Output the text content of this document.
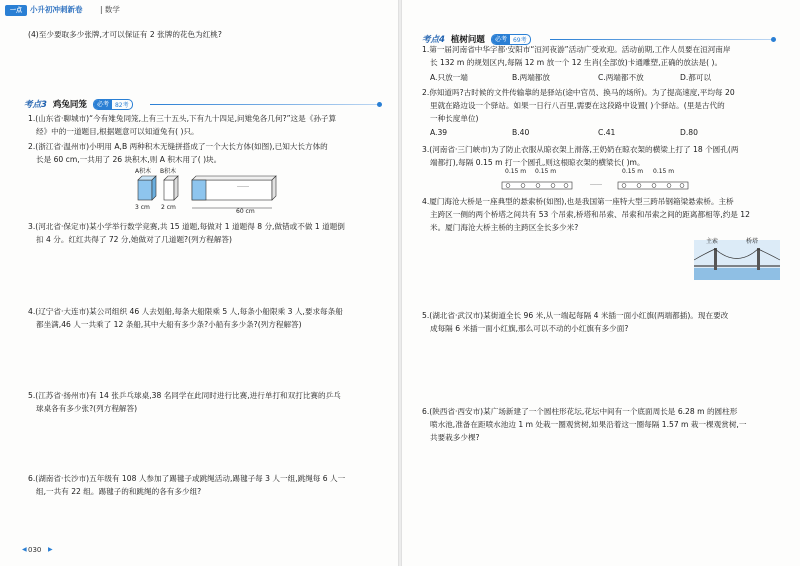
一点	小升初冲刺新卷 | 数学
(4)至少要取多少张牌,才可以保证有 2 张牌的花色为红桃?
考点3 鸡兔同笼	必考	82考
1.(山东省·聊城市)“今有雉兔同笼,上有三十五头,下有九十四足,问雉兔各几何?”这是《孙子算
经》中的一道题目,根据题意可以知道兔有( )只。
2.(浙江省·温州市)小明用 A,B 两种积木无缝拼搭成了一个大长方体(如图),已知大长方体的
长是 60 cm,一共用了 26 块积木,则 A 积木用了( )块。
A积木 B积木
3 cm 2 cm
60 cm
……
3.(河北省·保定市)某小学举行数学竞赛,共 15 道题,每做对 1 道题得 8 分,做错或不做 1 道题倒
扣 4 分。红红共得了 72 分,她做对了几道题?(列方程解答)
4.(辽宁省·大连市)某公司组织 46 人去划船,每条大船限乘 5 人,每条小船限乘 3 人,要求每条船
都坐满,46 人一共乘了 12 条船,其中大船有多少条?小船有多少条?(列方程解答)
5.(江苏省·扬州市)有 14 张乒乓球桌,38 名同学在此同时进行比赛,进行单打和双打比赛的乒乓
球桌各有多少张?(列方程解答)
6.(湖南省·长沙市)五年级有 108 人参加了踢毽子或跳绳活动,踢毽子每 3 人一组,跳绳每 6 人一
组,一共有 22 组。踢毽子的和跳绳的各有多少组?
◀ 030 ▶
考点4 植树问题	必考	69考
1.第一届河南省中华字都·安阳市“洹河夜游”活动广受欢迎。活动前期,工作人员要在洹河南岸
长 132 m 的规划区内,每隔 12 m 放一个 12 生肖(全部放)卡通雕塑,正确的放法是( )。
A.只放一端	B.两端都放	C.两端都不放	D.都可以
2.你知道吗?古时候的文件传输靠的是驿站(途中官员、换马的场所)。为了提高速度,平均每 20
里就在路边设一个驿站。如果一日行八百里,需要在这段路中设置( )个驿站。(里是古代的
一种长度单位)
A.39	B.40	C.41	D.80
3.(河南省·三门峡市)为了防止衣服从晾衣架上滑落,王奶奶在晾衣架的横梁上打了 18 个圆孔(两
端都打),每隔 0.15 m 打一个圆孔,则这根晾衣架的横梁长( )m。
0.15 m 0.15 m
……
0.15 m 0.15 m
4.厦门海沧大桥是一座典型的悬索桥(如图),也是我国第一座特大型三跨吊钢箱梁悬索桥。主桥
主跨区一侧的两个桥塔之间共有 53 个吊索,桥塔和吊索、吊索和吊索之间的距离都相等,约是 12
米。厦门海沧大桥主桥的主跨区全长多少米?
主索	桥塔
5.(湖北省·武汉市)某街道全长 96 米,从一端起每隔 4 米插一面小红旗(两端都插)。现在要改
成每隔 6 米插一面小红旗,那么可以不动的小红旗有多少面?
6.(陕西省·西安市)某广场新建了一个圆柱形花坛,花坛中间有一个底面周长是 6.28 m 的圆柱形
喷水池,准备在距喷水池边 1 m 处栽一圈观赏树,如果沿着这一圈每隔 1.57 m 栽一棵观赏树,一
共要栽多少棵?
